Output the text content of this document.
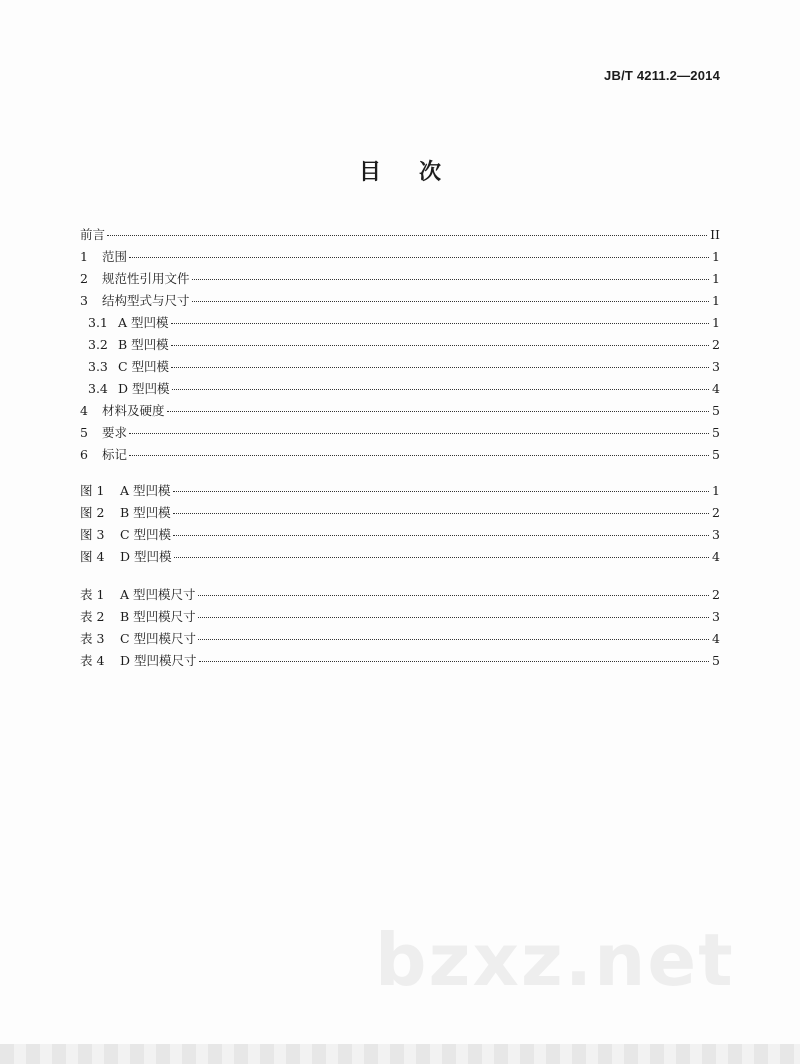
JB/T 4211.2—2014
目次
前言	II
1	范围	1
2	规范性引用文件	1
3	结构型式与尺寸	1
3.1 A 型凹模	1
3.2 B 型凹模	2
3.3 C 型凹模	3
3.4 D 型凹模	4
4	材料及硬度	5
5	要求	5
6	标记	5
图 1	A 型凹模	1
图 2	B 型凹模	2
图 3	C 型凹模	3
图 4	D 型凹模	4
表 1	A 型凹模尺寸	2
表 2	B 型凹模尺寸	3
表 3	C 型凹模尺寸	4
表 4	D 型凹模尺寸	5
bzxz.net
